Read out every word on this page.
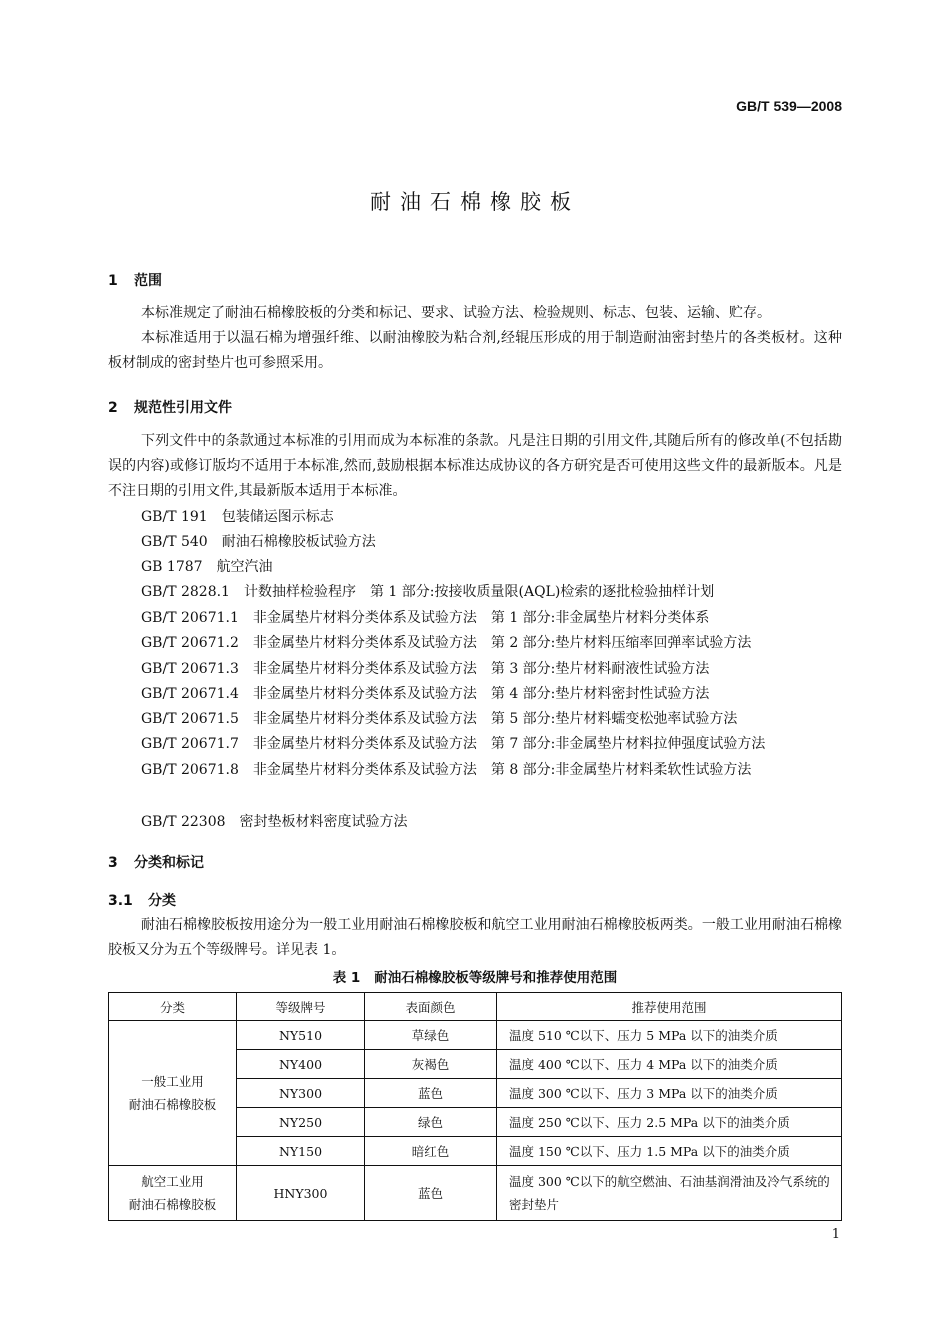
GB/T 539—2008
耐油石棉橡胶板
1 范围
本标准规定了耐油石棉橡胶板的分类和标记、要求、试验方法、检验规则、标志、包装、运输、贮存。
本标准适用于以温石棉为增强纤维、以耐油橡胶为粘合剂,经辊压形成的用于制造耐油密封垫片的各类板材。这种板材制成的密封垫片也可参照采用。
2 规范性引用文件
下列文件中的条款通过本标准的引用而成为本标准的条款。凡是注日期的引用文件,其随后所有的修改单(不包括勘误的内容)或修订版均不适用于本标准,然而,鼓励根据本标准达成协议的各方研究是否可使用这些文件的最新版本。凡是不注日期的引用文件,其最新版本适用于本标准。
GB/T 191 包装储运图示标志
GB/T 540 耐油石棉橡胶板试验方法
GB 1787 航空汽油
GB/T 2828.1 计数抽样检验程序　第 1 部分:按接收质量限(AQL)检索的逐批检验抽样计划
GB/T 20671.1 非金属垫片材料分类体系及试验方法　第 1 部分:非金属垫片材料分类体系
GB/T 20671.2 非金属垫片材料分类体系及试验方法　第 2 部分:垫片材料压缩率回弹率试验方法
GB/T 20671.3 非金属垫片材料分类体系及试验方法　第 3 部分:垫片材料耐液性试验方法
GB/T 20671.4 非金属垫片材料分类体系及试验方法　第 4 部分:垫片材料密封性试验方法
GB/T 20671.5 非金属垫片材料分类体系及试验方法　第 5 部分:垫片材料蠕变松弛率试验方法
GB/T 20671.7 非金属垫片材料分类体系及试验方法　第 7 部分:非金属垫片材料拉伸强度试验方法
GB/T 20671.8 非金属垫片材料分类体系及试验方法　第 8 部分:非金属垫片材料柔软性试验方法
GB/T 22308 密封垫板材料密度试验方法
3 分类和标记
3.1 分类
耐油石棉橡胶板按用途分为一般工业用耐油石棉橡胶板和航空工业用耐油石棉橡胶板两类。一般工业用耐油石棉橡胶板又分为五个等级牌号。详见表 1。
表 1 耐油石棉橡胶板等级牌号和推荐使用范围
分类	等级牌号	表面颜色	推荐使用范围

一般工业用
耐油石棉橡胶板	NY510	草绿色	温度 510 ℃以下、压力 5 MPa 以下的油类介质
	NY400	灰褐色	温度 400 ℃以下、压力 4 MPa 以下的油类介质
	NY300	蓝色	温度 300 ℃以下、压力 3 MPa 以下的油类介质
	NY250	绿色	温度 250 ℃以下、压力 2.5 MPa 以下的油类介质
	NY150	暗红色	温度 150 ℃以下、压力 1.5 MPa 以下的油类介质

航空工业用
耐油石棉橡胶板	HNY300	蓝色	温度 300 ℃以下的航空燃油、石油基润滑油及冷气系统的密封垫片
1
